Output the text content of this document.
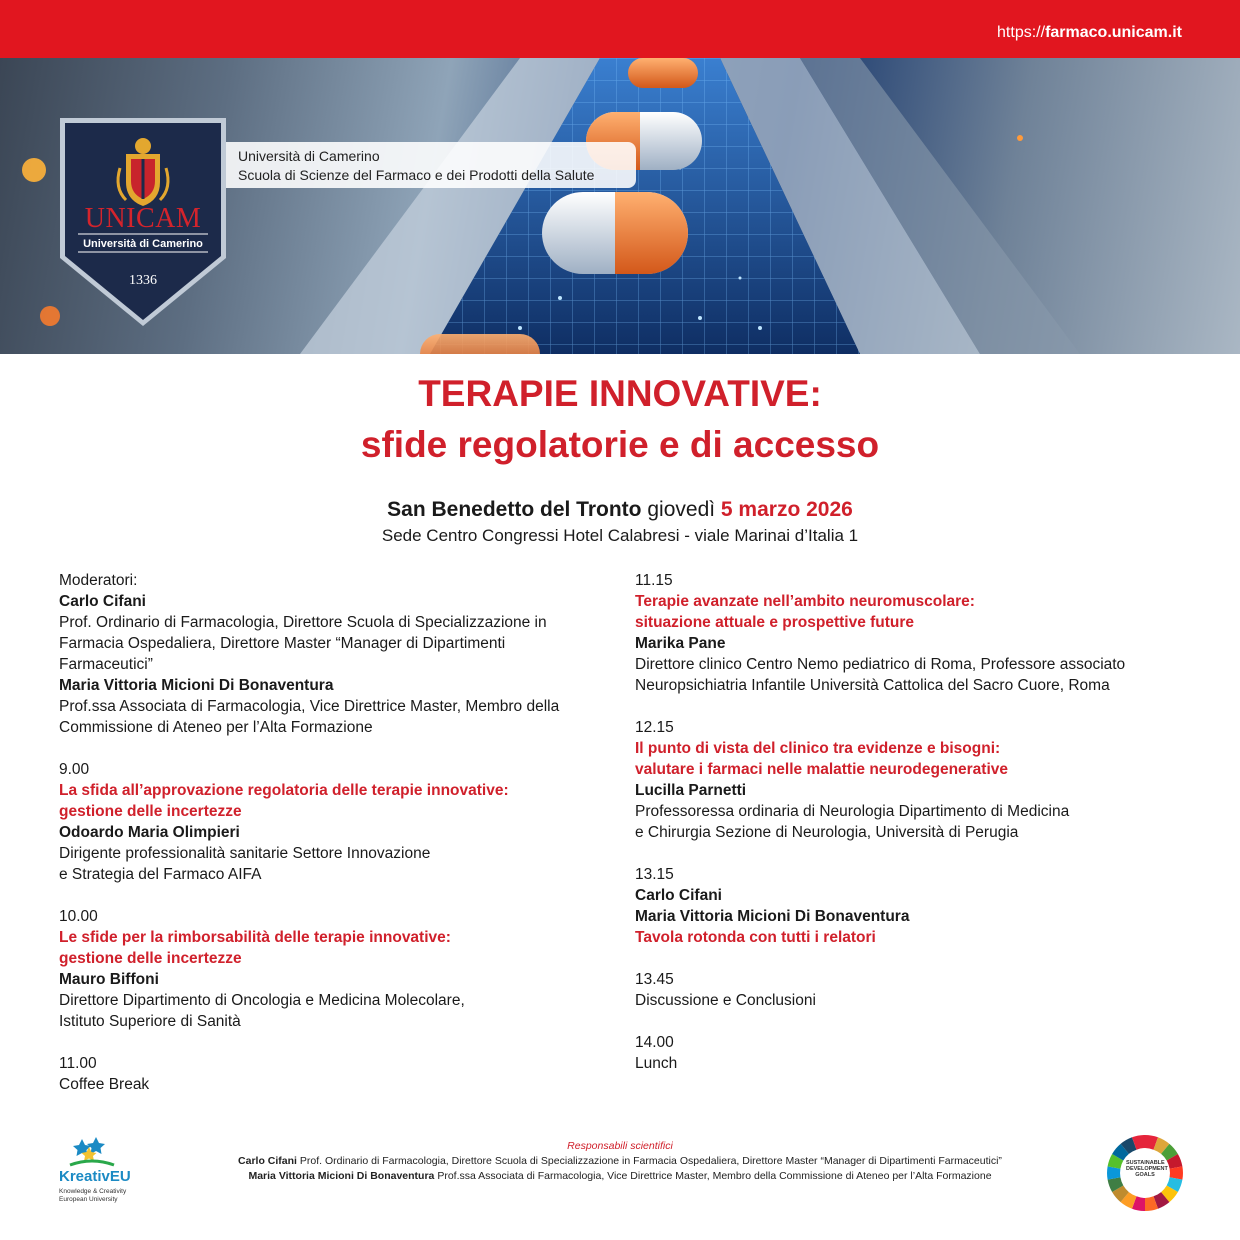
https://farmaco.unicam.it
UNICAM
Università di Camerino
1336
Università di Camerino
Scuola di Scienze del Farmaco e dei Prodotti della Salute
TERAPIE INNOVATIVE:
sfide regolatorie e di accesso
San Benedetto del Tronto giovedì 5 marzo 2026
Sede Centro Congressi Hotel Calabresi - viale Marinai d’Italia 1
Moderatori:
Carlo Cifani
Prof. Ordinario di Farmacologia, Direttore Scuola di Specializzazione in Farmacia Ospedaliera, Direttore Master “Manager di Dipartimenti Farmaceutici”
Maria Vittoria Micioni Di Bonaventura
Prof.ssa Associata di Farmacologia, Vice Direttrice Master, Membro della Commissione di Ateneo per l’Alta Formazione
9.00
La sfida all’approvazione regolatoria delle terapie innovative:
gestione delle incertezze
Odoardo Maria Olimpieri
Dirigente professionalità sanitarie Settore Innovazione
e Strategia del Farmaco AIFA
10.00
Le sfide per la rimborsabilità delle terapie innovative:
gestione delle incertezze
Mauro Biffoni
Direttore Dipartimento di Oncologia e Medicina Molecolare,
Istituto Superiore di Sanità
11.00
Coffee Break
11.15
Terapie avanzate nell’ambito neuromuscolare:
situazione attuale e prospettive future
Marika Pane
Direttore clinico Centro Nemo pediatrico di Roma, Professore associato
Neuropsichiatria Infantile Università Cattolica del Sacro Cuore, Roma
12.15
Il punto di vista del clinico tra evidenze e bisogni:
valutare i farmaci nelle malattie neurodegenerative
Lucilla Parnetti
Professoressa ordinaria di Neurologia Dipartimento di Medicina
e Chirurgia Sezione di Neurologia, Università di Perugia
13.15
Carlo Cifani
Maria Vittoria Micioni Di Bonaventura
Tavola rotonda con tutti i relatori
13.45
Discussione e Conclusioni
14.00
Lunch
KreativEU
Knowledge & Creativity
European University
Responsabili scientifici
Carlo Cifani Prof. Ordinario di Farmacologia, Direttore Scuola di Specializzazione in Farmacia Ospedaliera, Direttore Master “Manager di Dipartimenti Farmaceutici”
Maria Vittoria Micioni Di Bonaventura Prof.ssa Associata di Farmacologia, Vice Direttrice Master, Membro della Commissione di Ateneo per l’Alta Formazione
SUSTAINABLE DEVELOPMENT GOALS
